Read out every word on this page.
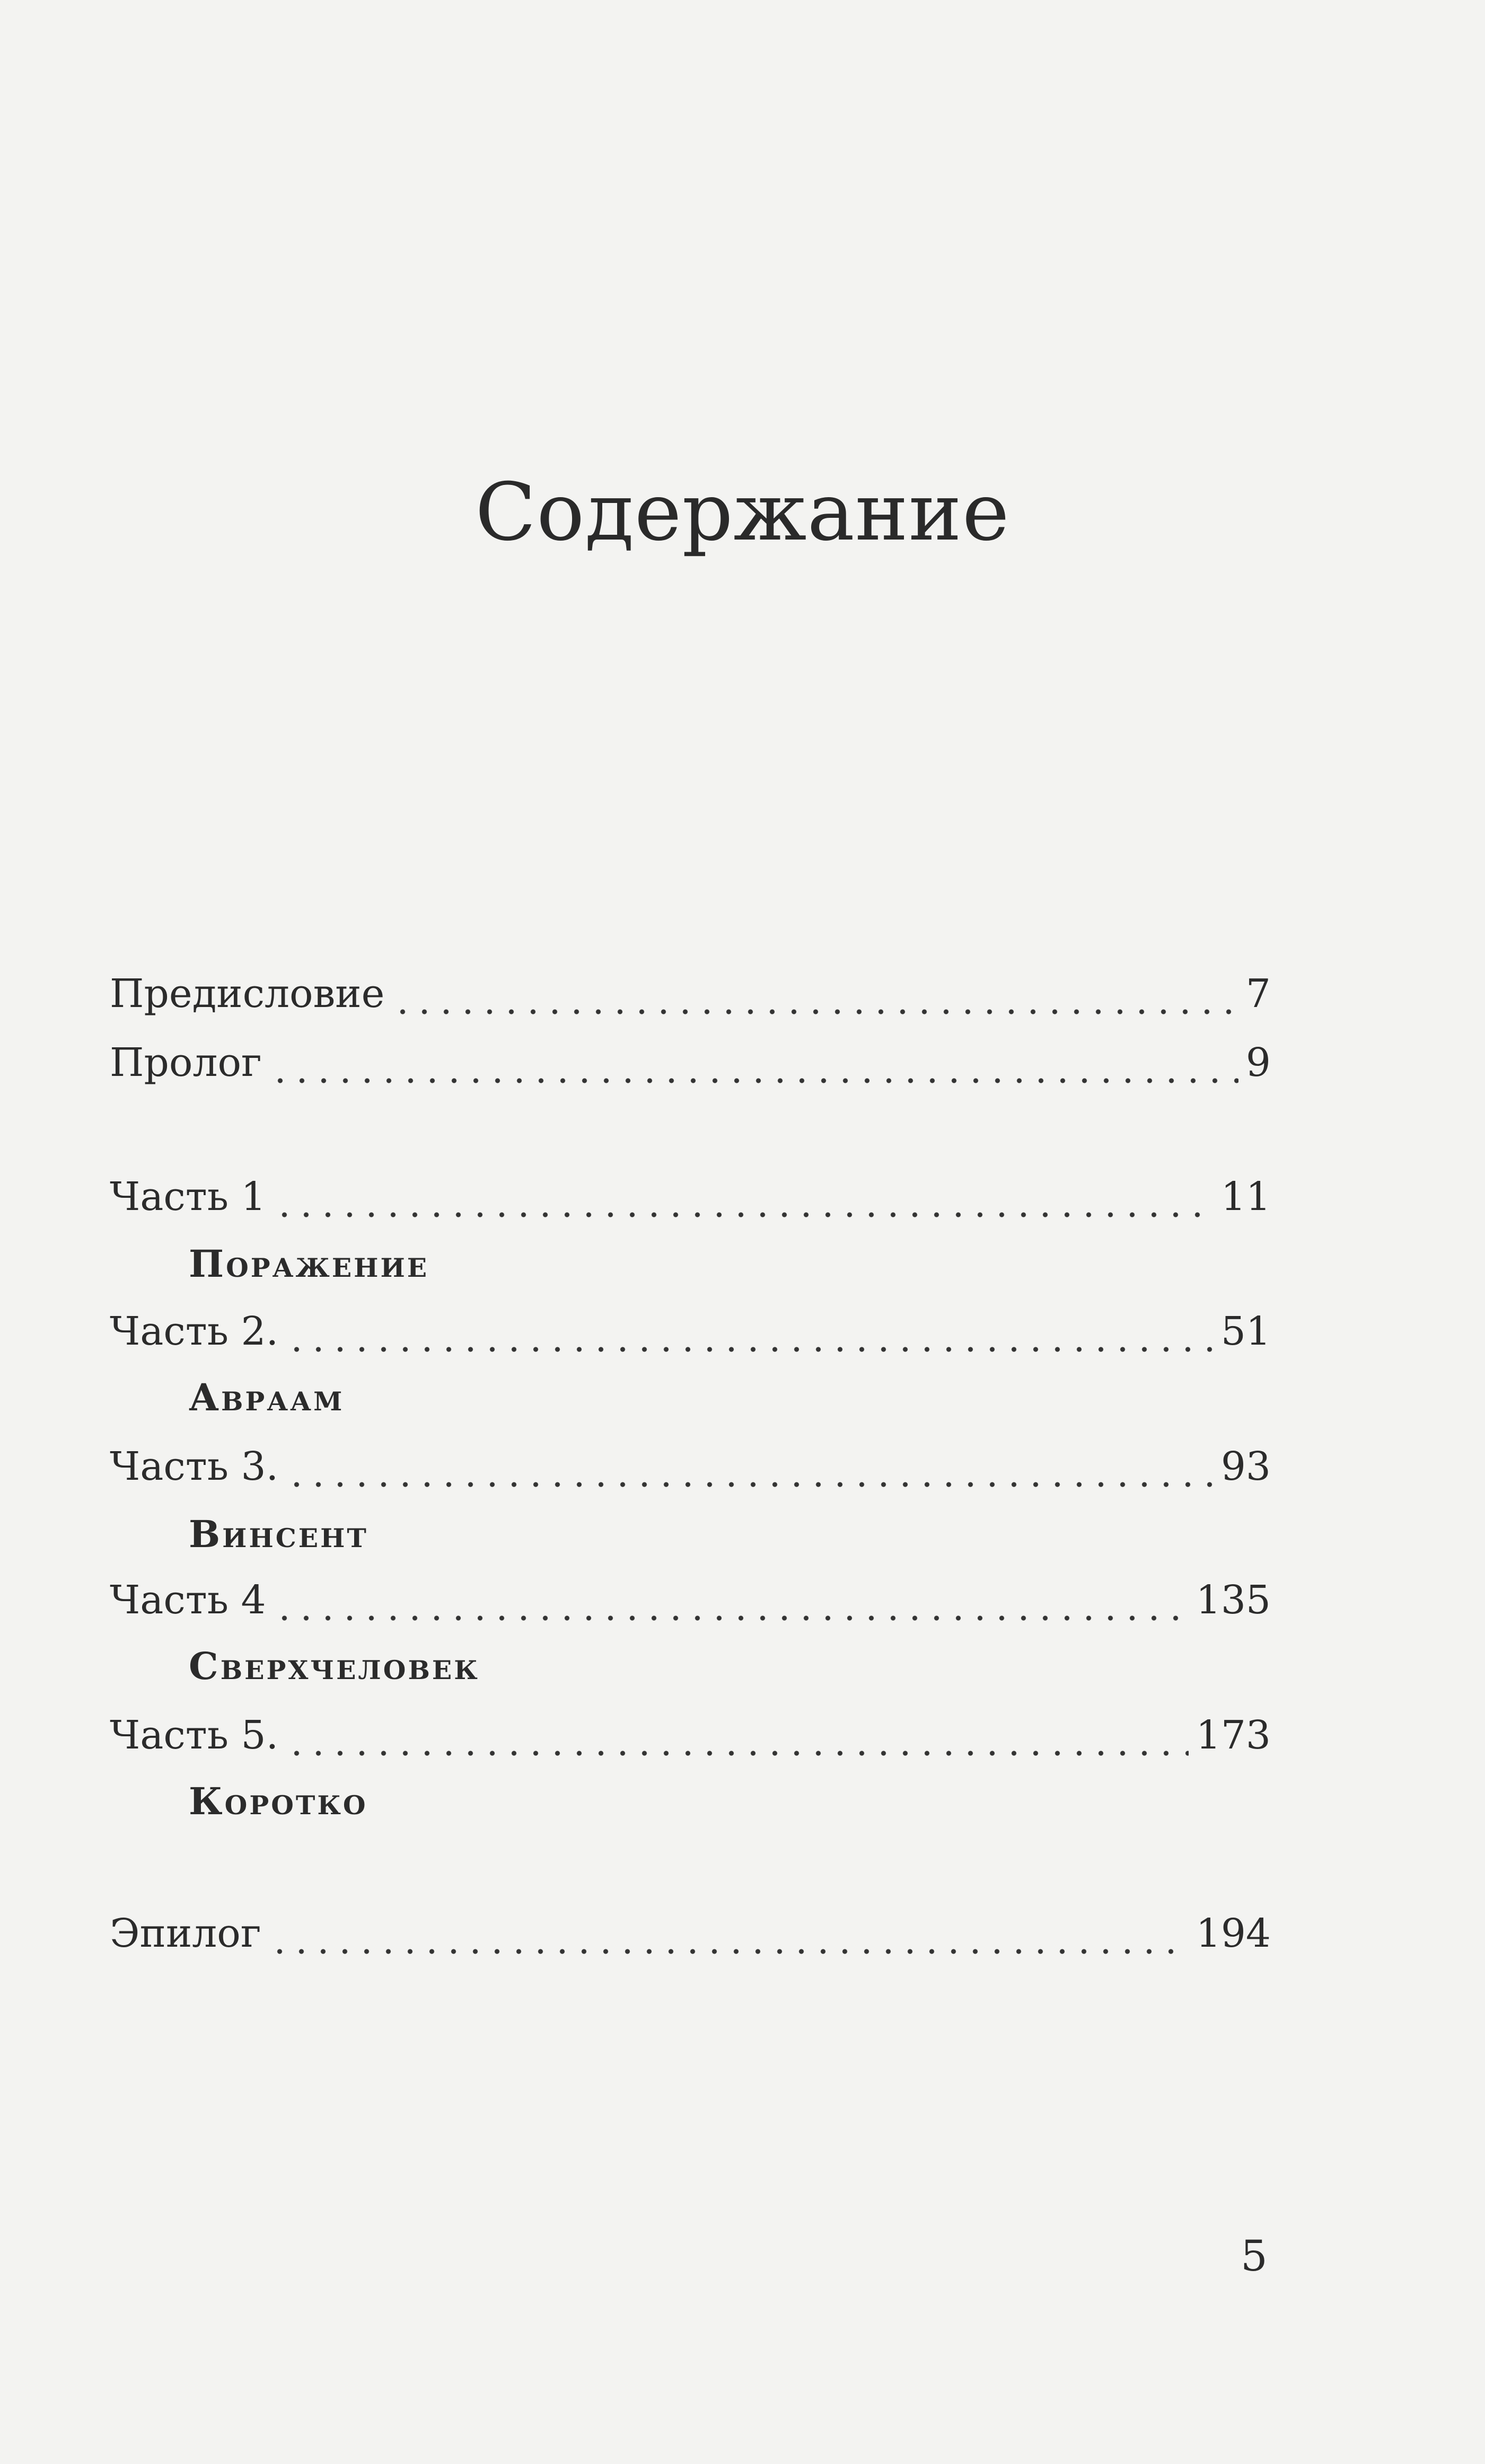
Содержание
Предисловие	7
Пролог	9
Часть 1	11
Поражение
Часть 2.	51
Авраам
Часть 3.	93
Винсент
Часть 4	135
Сверхчеловек
Часть 5.	173
Коротко
Эпилог	194
5
